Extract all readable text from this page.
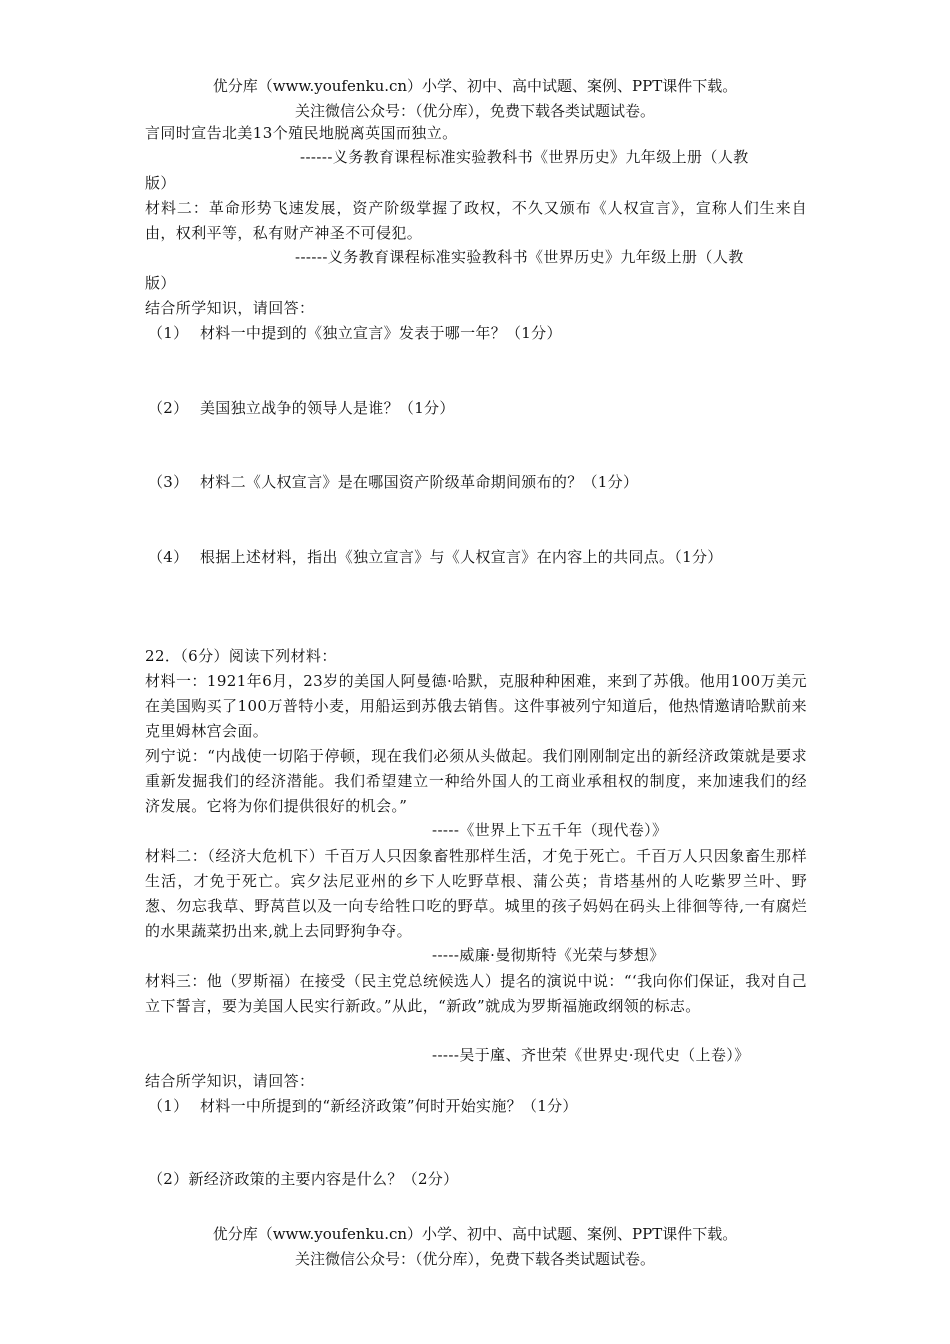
优分库（www.youfenku.cn）小学、初中、高中试题、案例、PPT课件下载。
关注微信公众号：（优分库），免费下载各类试题试卷。
言同时宣告北美13个殖民地脱离英国而独立。
------义务教育课程标准实验教科书《世界历史》九年级上册（人教
版）
材料二：革命形势飞速发展，资产阶级掌握了政权，不久又颁布《人权宣言》，宣称人们生来自由，权利平等，私有财产神圣不可侵犯。
------义务教育课程标准实验教科书《世界历史》九年级上册（人教
版）
结合所学知识，请回答：
（1） 材料一中提到的《独立宣言》发表于哪一年？（1分）
（2） 美国独立战争的领导人是谁？（1分）
（3） 材料二《人权宣言》是在哪国资产阶级革命期间颁布的？（1分）
（4） 根据上述材料，指出《独立宣言》与《人权宣言》在内容上的共同点。（1分）
22．（6分）阅读下列材料：
材料一：1921年6月，23岁的美国人阿曼德·哈默，克服种种困难，来到了苏俄。他用100万美元在美国购买了100万普特小麦，用船运到苏俄去销售。这件事被列宁知道后，他热情邀请哈默前来克里姆林宫会面。
列宁说：“内战使一切陷于停顿，现在我们必须从头做起。我们刚刚制定出的新经济政策就是要求重新发掘我们的经济潜能。我们希望建立一种给外国人的工商业承租权的制度，来加速我们的经济发展。它将为你们提供很好的机会。”
-----《世界上下五千年（现代卷）》
材料二：（经济大危机下）千百万人只因象畜牲那样生活，才免于死亡。千百万人只因象畜生那样生活，才免于死亡。宾夕法尼亚州的乡下人吃野草根、蒲公英；肯塔基州的人吃紫罗兰叶、野葱、勿忘我草、野莴苣以及一向专给牲口吃的野草。城里的孩子妈妈在码头上徘徊等待,一有腐烂的水果蔬菜扔出来,就上去同野狗争夺。
-----威廉·曼彻斯特《光荣与梦想》
材料三：他（罗斯福）在接受（民主党总统候选人）提名的演说中说：“‘我向你们保证，我对自己立下誓言，要为美国人民实行新政。”从此，“新政”就成为罗斯福施政纲领的标志。
-----吴于廑、齐世荣《世界史·现代史（上卷）》
结合所学知识，请回答：
（1） 材料一中所提到的“新经济政策”何时开始实施？（1分）
（2）新经济政策的主要内容是什么？（2分）
优分库（www.youfenku.cn）小学、初中、高中试题、案例、PPT课件下载。
关注微信公众号：（优分库），免费下载各类试题试卷。
